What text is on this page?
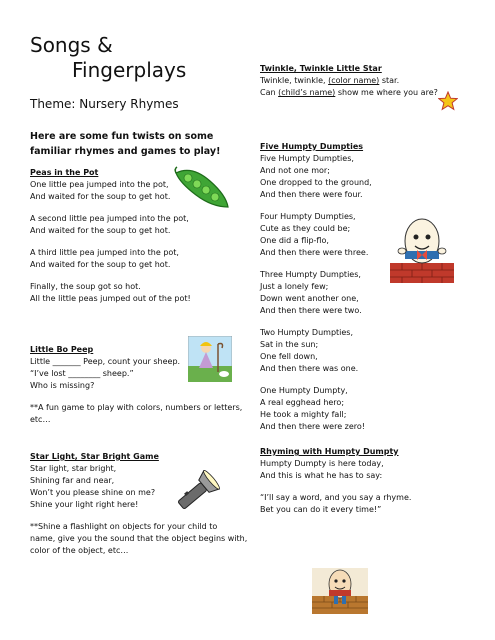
Songs &
Fingerplays
Theme: Nursery Rhymes
Here are some fun twists on some familiar rhymes and games to play!
Peas in the Pot
One little pea jumped into the pot,
And waited for the soup to get hot.
A second little pea jumped into the pot,
And waited for the soup to get hot.
A third little pea jumped into the pot,
And waited for the soup to get hot.
Finally, the soup got so hot.
All the little peas jumped out of the pot!
Little Bo Peep
Little _______ Peep, count your sheep.
“I’ve lost ________ sheep.”
Who is missing?
**A fun game to play with colors, numbers or letters,
etc…
Star Light, Star Bright Game
Star light, star bright,
Shining far and near,
Won’t you please shine on me?
Shine your light right here!
**Shine a flashlight on objects for your child to
name, give you the sound that the object begins with,
color of the object, etc…
Twinkle, Twinkle Little Star
Twinkle, twinkle, (color name) star.
Can (child’s name) show me where you are?
Five Humpty Dumpties
Five Humpty Dumpties,
And not one mor;
One dropped to the ground,
And then there were four.
Four Humpty Dumpties,
Cute as they could be;
One did a flip-flo,
And then there were three.
Three Humpty Dumpties,
Just a lonely few;
Down went another one,
And then there were two.
Two Humpty Dumpties,
Sat in the sun;
One fell down,
And then there was one.
One Humpty Dumpty,
A real egghead hero;
He took a mighty fall;
And then there were zero!
Rhyming with Humpty Dumpty
Humpty Dumpty is here today,
And this is what he has to say:
“I’ll say a word, and you say a rhyme.
Bet you can do it every time!”
